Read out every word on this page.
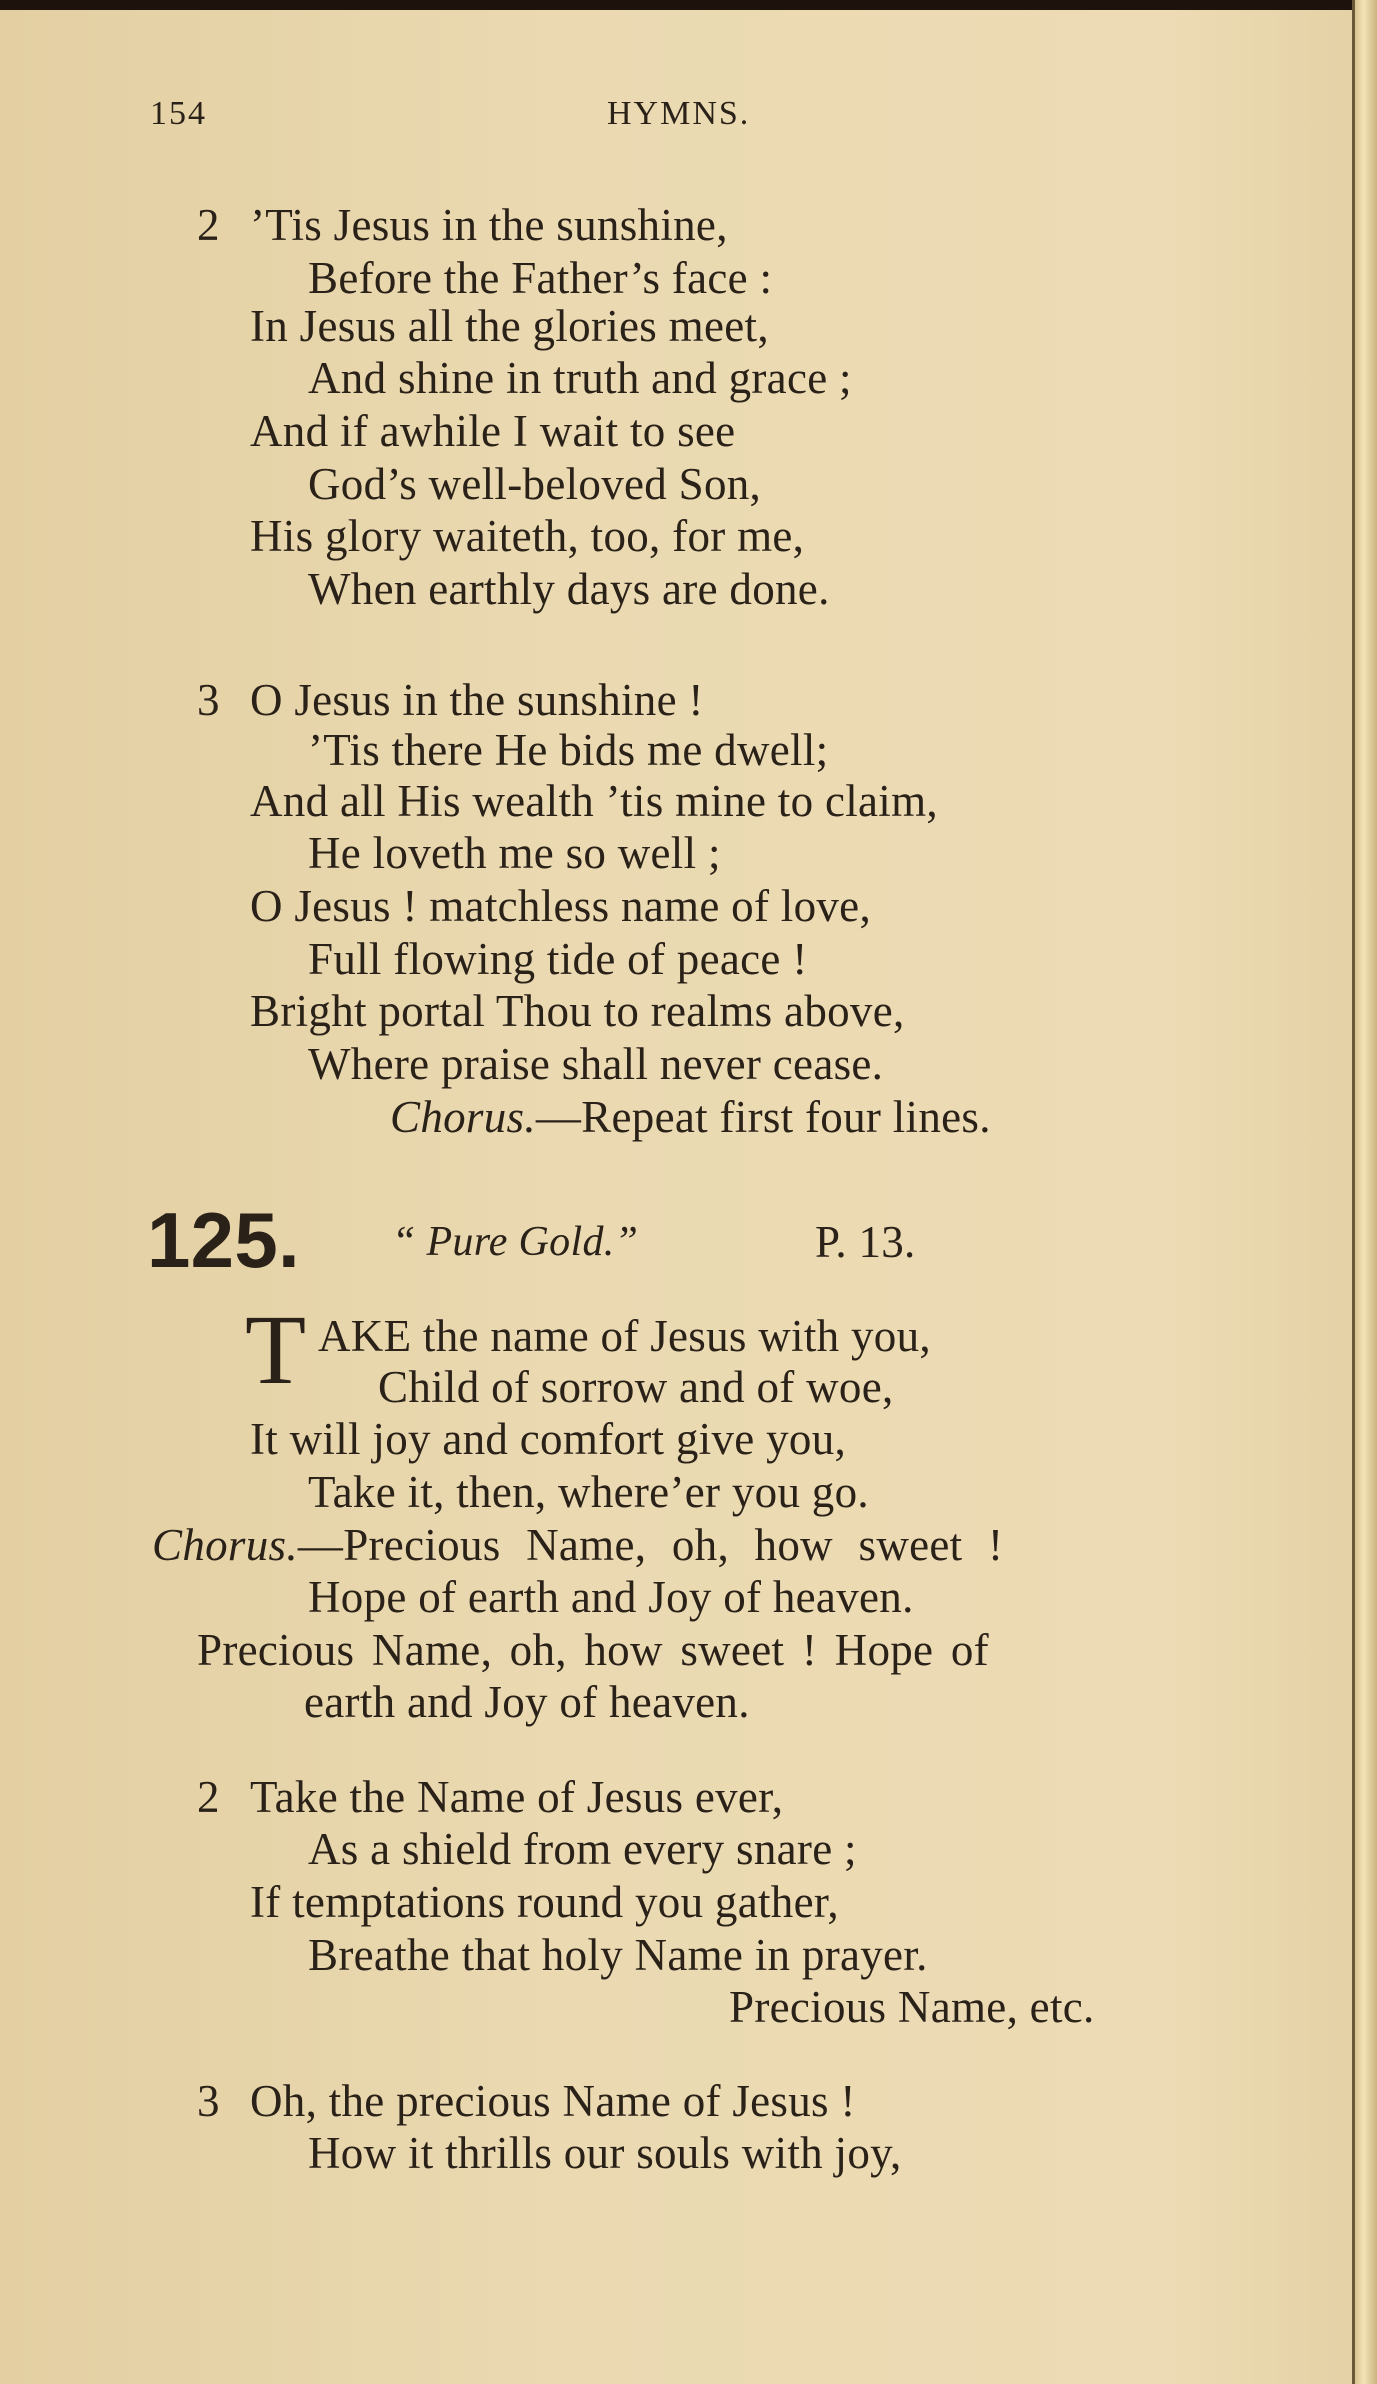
154	HYMNS.
2 ’Tis Jesus in the sunshine,
Before the Father’s face :
In Jesus all the glories meet,
And shine in truth and grace ;
And if awhile I wait to see
God’s well-beloved Son,
His glory waiteth, too, for me,
When earthly days are done.
3 O Jesus in the sunshine !
’Tis there He bids me dwell;
And all His wealth ’tis mine to claim,
He loveth me so well ;
O Jesus ! matchless name of love,
Full flowing tide of peace !
Bright portal Thou to realms above,
Where praise shall never cease.
Chorus.—Repeat first four lines.
125. “ Pure Gold.”	P. 13.
T AKE the name of Jesus with you,
Child of sorrow and of woe,
It will joy and comfort give you,
Take it, then, where’er you go.
Chorus.—Precious Name, oh, how sweet !
Hope of earth and Joy of heaven.
Precious Name, oh, how sweet ! Hope of
earth and Joy of heaven.
2 Take the Name of Jesus ever,
As a shield from every snare ;
If temptations round you gather,
Breathe that holy Name in prayer.
Precious Name, etc.
3 Oh, the precious Name of Jesus !
How it thrills our souls with joy,
